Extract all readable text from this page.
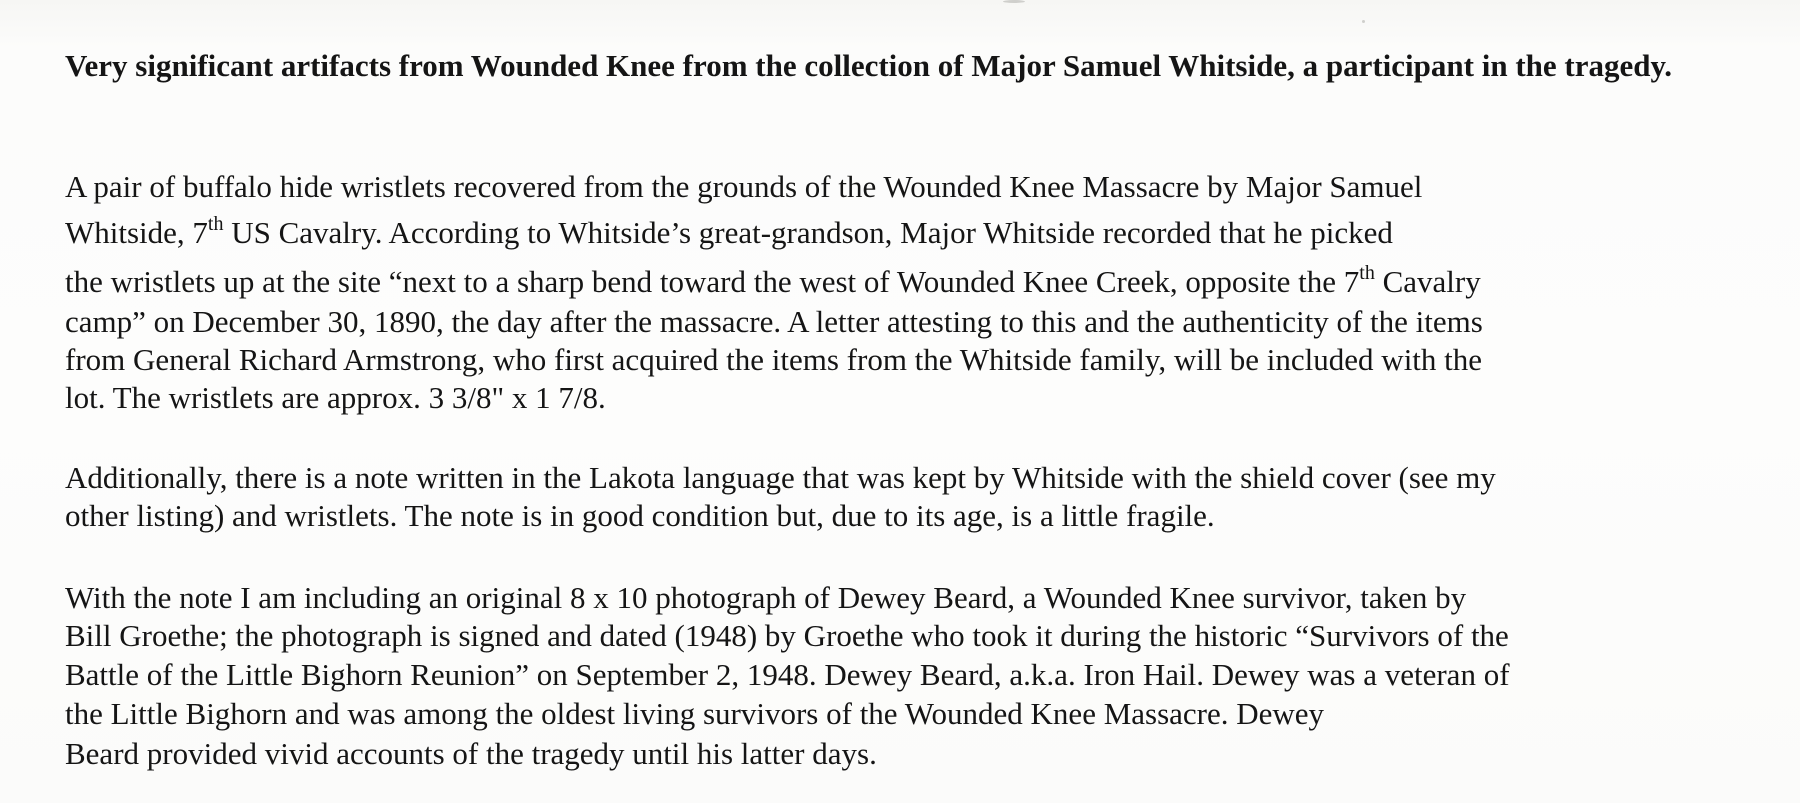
Very significant artifacts from Wounded Knee from the collection of Major Samuel Whitside, a participant in the tragedy.

A pair of buffalo hide wristlets recovered from the grounds of the Wounded Knee Massacre by Major Samuel

Whitside, 7th US Cavalry. According to Whitside’s great-grandson, Major Whitside recorded that he picked

the wristlets up at the site “next to a sharp bend toward the west of Wounded Knee Creek, opposite the 7th Cavalry

camp” on December 30, 1890, the day after the massacre. A letter attesting to this and the authenticity of the items

from General Richard Armstrong, who first acquired the items from the Whitside family, will be included with the

lot. The wristlets are approx. 3 3/8" x 1 7/8.

Additionally, there is a note written in the Lakota language that was kept by Whitside with the shield cover (see my

other listing) and wristlets. The note is in good condition but, due to its age, is a little fragile.

With the note I am including an original 8 x 10 photograph of Dewey Beard, a Wounded Knee survivor, taken by

Bill Groethe; the photograph is signed and dated (1948) by Groethe who took it during the historic “Survivors of the

Battle of the Little Bighorn Reunion” on September 2, 1948. Dewey Beard, a.k.a. Iron Hail. Dewey was a veteran of

the Little Bighorn and was among the oldest living survivors of the Wounded Knee Massacre. Dewey

Beard provided vivid accounts of the tragedy until his latter days.
